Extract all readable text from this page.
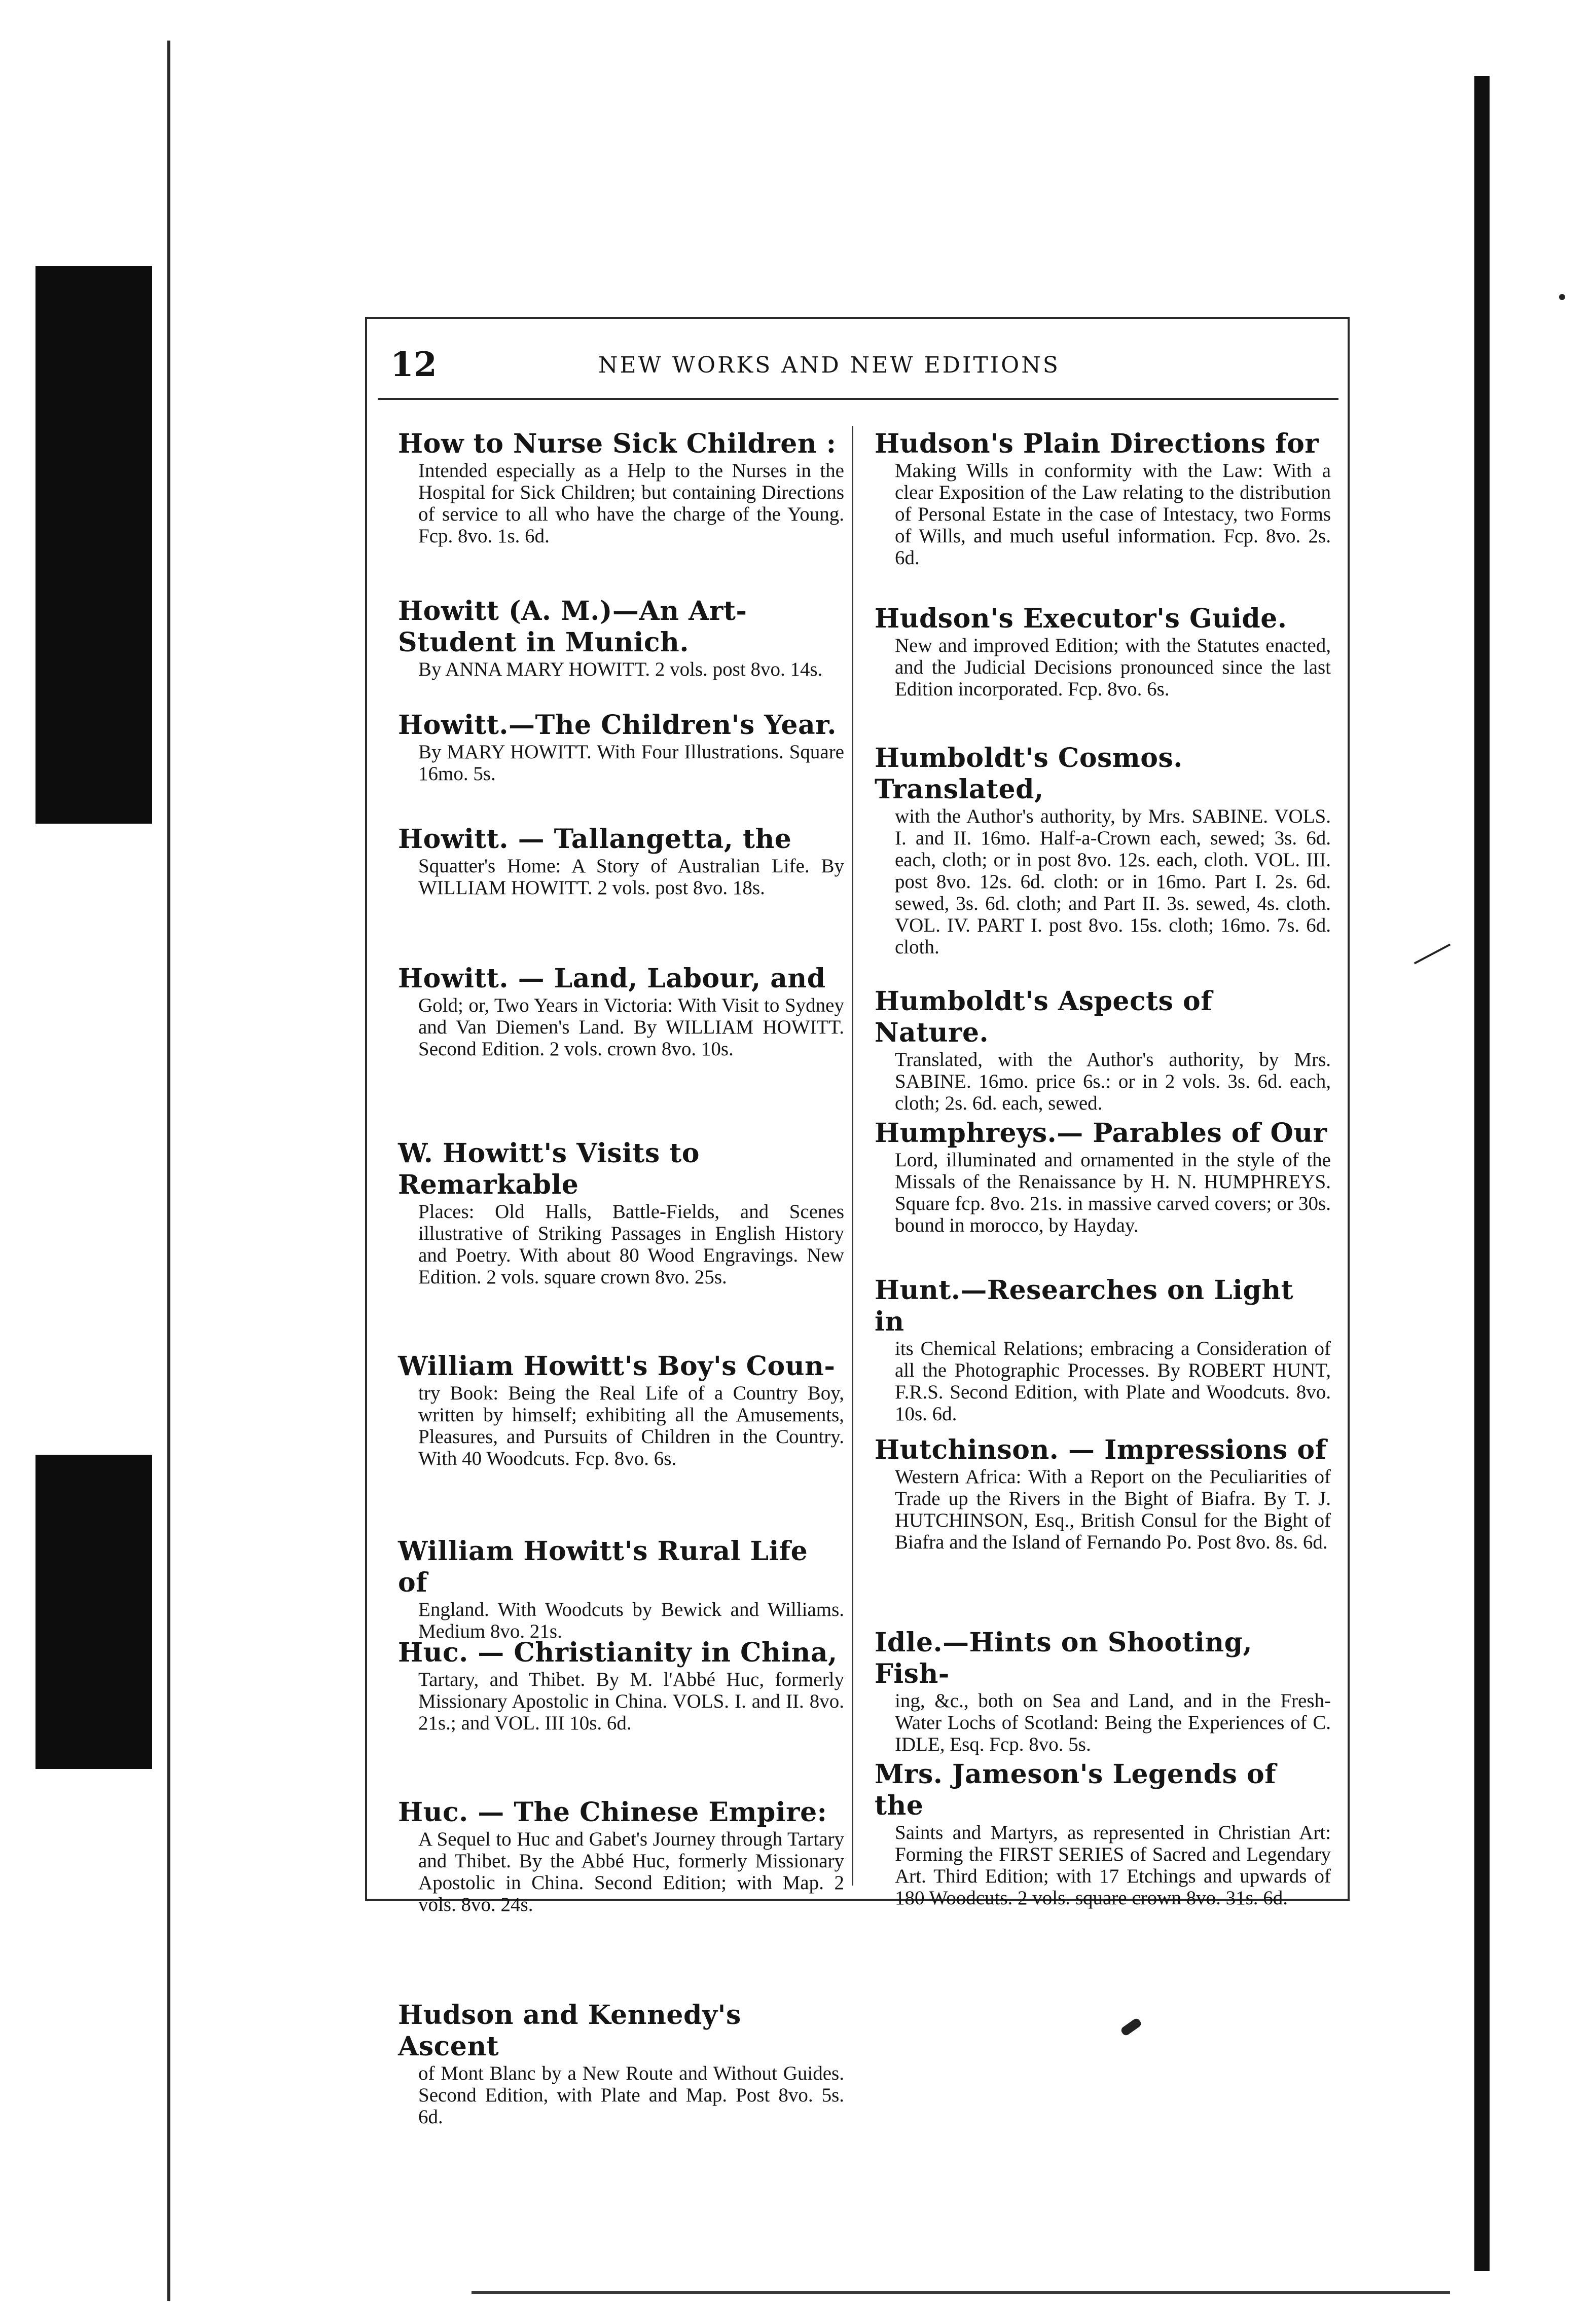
12	NEW WORKS AND NEW EDITIONS

How to Nurse Sick Children :
Intended especially as a Help to the Nurses in the Hospital for Sick Children; but containing Directions of service to all who have the charge of the Young. Fcp. 8vo. 1s. 6d.
Howitt (A. M.)—An Art-Student in Munich.
By ANNA MARY HOWITT. 2 vols. post 8vo. 14s.
Howitt.—The Children's Year.
By MARY HOWITT. With Four Illustrations. Square 16mo. 5s.
Howitt. — Tallangetta, the
Squatter's Home: A Story of Australian Life. By WILLIAM HOWITT. 2 vols. post 8vo. 18s.
Howitt. — Land, Labour, and
Gold; or, Two Years in Victoria: With Visit to Sydney and Van Diemen's Land. By WILLIAM HOWITT. Second Edition. 2 vols. crown 8vo. 10s.
W. Howitt's Visits to Remarkable
Places: Old Halls, Battle-Fields, and Scenes illustrative of Striking Passages in English History and Poetry. With about 80 Wood Engravings. New Edition. 2 vols. square crown 8vo. 25s.
William Howitt's Boy's Coun-
try Book: Being the Real Life of a Country Boy, written by himself; exhibiting all the Amusements, Pleasures, and Pursuits of Children in the Country. With 40 Woodcuts. Fcp. 8vo. 6s.
William Howitt's Rural Life of
England. With Woodcuts by Bewick and Williams. Medium 8vo. 21s.
Huc. — Christianity in China,
Tartary, and Thibet. By M. l'Abbé Huc, formerly Missionary Apostolic in China. VOLS. I. and II. 8vo. 21s.; and VOL. III 10s. 6d.
Huc. — The Chinese Empire:
A Sequel to Huc and Gabet's Journey through Tartary and Thibet. By the Abbé Huc, formerly Missionary Apostolic in China. Second Edition; with Map. 2 vols. 8vo. 24s.
Hudson and Kennedy's Ascent
of Mont Blanc by a New Route and Without Guides. Second Edition, with Plate and Map. Post 8vo. 5s. 6d.
Hudson's Plain Directions for
Making Wills in conformity with the Law: With a clear Exposition of the Law relating to the distribution of Personal Estate in the case of Intestacy, two Forms of Wills, and much useful information. Fcp. 8vo. 2s. 6d.
Hudson's Executor's Guide.
New and improved Edition; with the Statutes enacted, and the Judicial Decisions pronounced since the last Edition incorporated. Fcp. 8vo. 6s.
Humboldt's Cosmos. Translated,
with the Author's authority, by Mrs. SABINE. VOLS. I. and II. 16mo. Half-a-Crown each, sewed; 3s. 6d. each, cloth; or in post 8vo. 12s. each, cloth. VOL. III. post 8vo. 12s. 6d. cloth: or in 16mo. Part I. 2s. 6d. sewed, 3s. 6d. cloth; and Part II. 3s. sewed, 4s. cloth. VOL. IV. PART I. post 8vo. 15s. cloth; 16mo. 7s. 6d. cloth.
Humboldt's Aspects of Nature.
Translated, with the Author's authority, by Mrs. SABINE. 16mo. price 6s.: or in 2 vols. 3s. 6d. each, cloth; 2s. 6d. each, sewed.
Humphreys.— Parables of Our
Lord, illuminated and ornamented in the style of the Missals of the Renaissance by H. N. HUMPHREYS. Square fcp. 8vo. 21s. in massive carved covers; or 30s. bound in morocco, by Hayday.
Hunt.—Researches on Light in
its Chemical Relations; embracing a Consideration of all the Photographic Processes. By ROBERT HUNT, F.R.S. Second Edition, with Plate and Woodcuts. 8vo. 10s. 6d.
Hutchinson. — Impressions of
Western Africa: With a Report on the Peculiarities of Trade up the Rivers in the Bight of Biafra. By T. J. HUTCHINSON, Esq., British Consul for the Bight of Biafra and the Island of Fernando Po. Post 8vo. 8s. 6d.
Idle.—Hints on Shooting, Fish-
ing, &c., both on Sea and Land, and in the Fresh-Water Lochs of Scotland: Being the Experiences of C. IDLE, Esq. Fcp. 8vo. 5s.
Mrs. Jameson's Legends of the
Saints and Martyrs, as represented in Christian Art: Forming the FIRST SERIES of Sacred and Legendary Art. Third Edition; with 17 Etchings and upwards of 180 Woodcuts. 2 vols. square crown 8vo. 31s. 6d.
